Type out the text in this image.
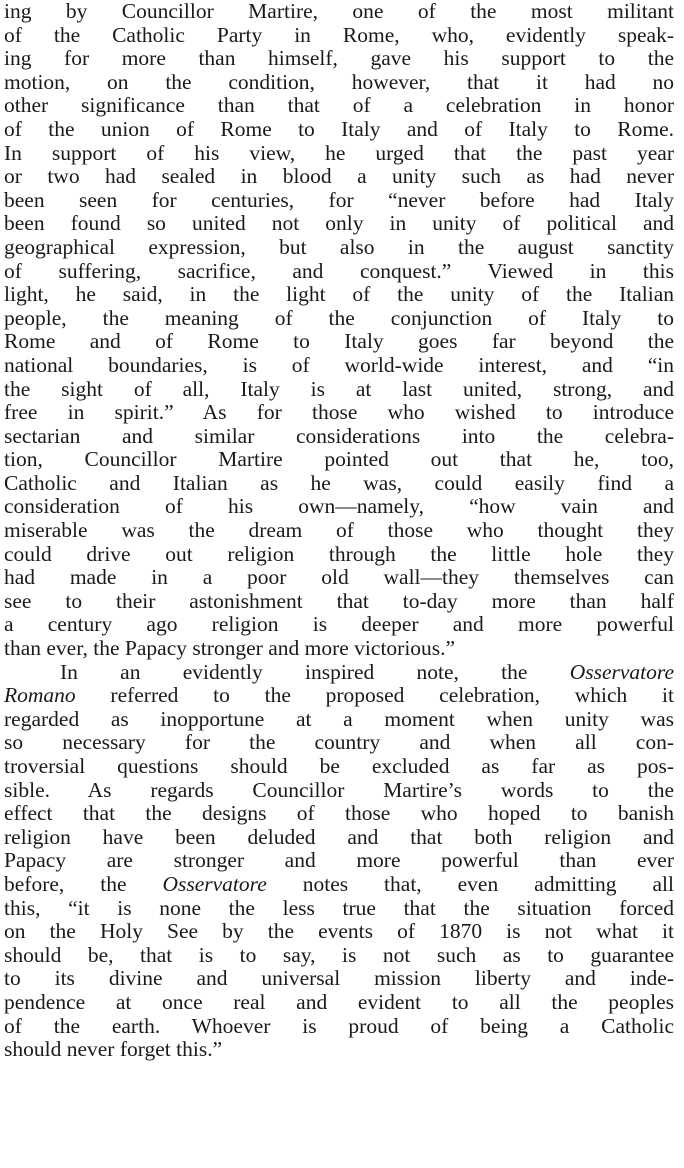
ing by Councillor Martire, one of the most militant
of the Catholic Party in Rome, who, evidently speak-
ing for more than himself, gave his support to the
motion, on the condition, however, that it had no
other significance than that of a celebration in honor
of the union of Rome to Italy and of Italy to Rome.
In support of his view, he urged that the past year
or two had sealed in blood a unity such as had never
been seen for centuries, for “never before had Italy
been found so united not only in unity of political and
geographical expression, but also in the august sanctity
of suffering, sacrifice, and conquest.” Viewed in this
light, he said, in the light of the unity of the Italian
people, the meaning of the conjunction of Italy to
Rome and of Rome to Italy goes far beyond the
national boundaries, is of world-wide interest, and “in
the sight of all, Italy is at last united, strong, and
free in spirit.” As for those who wished to introduce
sectarian and similar considerations into the celebra-
tion, Councillor Martire pointed out that he, too,
Catholic and Italian as he was, could easily find a
consideration of his own—namely, “how vain and
miserable was the dream of those who thought they
could drive out religion through the little hole they
had made in a poor old wall—they themselves can
see to their astonishment that to-day more than half
a century ago religion is deeper and more powerful
than ever, the Papacy stronger and more victorious.”
In an evidently inspired note, the Osservatore
Romano referred to the proposed celebration, which it
regarded as inopportune at a moment when unity was
so necessary for the country and when all con-
troversial questions should be excluded as far as pos-
sible. As regards Councillor Martire’s words to the
effect that the designs of those who hoped to banish
religion have been deluded and that both religion and
Papacy are stronger and more powerful than ever
before, the Osservatore notes that, even admitting all
this, “it is none the less true that the situation forced
on the Holy See by the events of 1870 is not what it
should be, that is to say, is not such as to guarantee
to its divine and universal mission liberty and inde-
pendence at once real and evident to all the peoples
of the earth. Whoever is proud of being a Catholic
should never forget this.”
